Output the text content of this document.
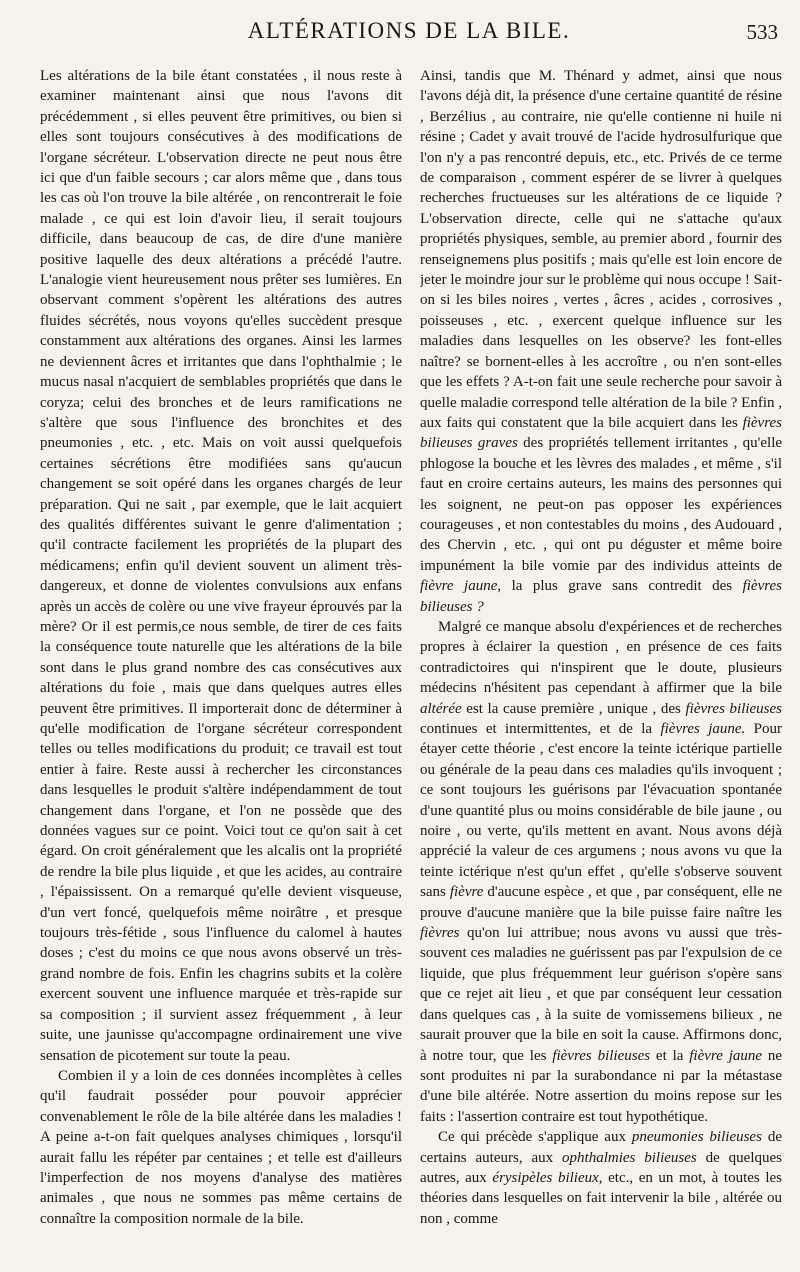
ALTÉRATIONS DE LA BILE.	533

Les altérations de la bile étant constatées , il nous reste à examiner maintenant ainsi que nous l'avons dit précédemment , si elles peuvent être primitives, ou bien si elles sont toujours consécutives à des modifications de l'organe sécréteur. L'observation directe ne peut nous être ici que d'un faible secours ; car alors même que , dans tous les cas où l'on trouve la bile altérée , on rencontrerait le foie malade , ce qui est loin d'avoir lieu, il serait toujours difficile, dans beaucoup de cas, de dire d'une manière positive laquelle des deux altérations a précédé l'autre. L'analogie vient heureusement nous prêter ses lumières. En observant comment s'opèrent les altérations des autres fluides sécrétés, nous voyons qu'elles succèdent presque constamment aux altérations des organes. Ainsi les larmes ne deviennent âcres et irritantes que dans l'ophthalmie ; le mucus nasal n'acquiert de semblables propriétés que dans le coryza; celui des bronches et de leurs ramifications ne s'altère que sous l'influence des bronchites et des pneumonies , etc. , etc. Mais on voit aussi quelquefois certaines sécrétions être modifiées sans qu'aucun changement se soit opéré dans les organes chargés de leur préparation. Qui ne sait , par exemple, que le lait acquiert des qualités différentes suivant le genre d'alimentation ; qu'il contracte facilement les propriétés de la plupart des médicamens; enfin qu'il devient souvent un aliment très-dangereux, et donne de violentes convulsions aux enfans après un accès de colère ou une vive frayeur éprouvés par la mère? Or il est permis,ce nous semble, de tirer de ces faits la conséquence toute naturelle que les altérations de la bile sont dans le plus grand nombre des cas consécutives aux altérations du foie , mais que dans quelques autres elles peuvent être primitives. Il importerait donc de déterminer à qu'elle modification de l'organe sécréteur correspondent telles ou telles modifications du produit; ce travail est tout entier à faire. Reste aussi à rechercher les circonstances dans lesquelles le produit s'altère indépendamment de tout changement dans l'organe, et l'on ne possède que des données vagues sur ce point. Voici tout ce qu'on sait à cet égard. On croit généralement que les alcalis ont la propriété de rendre la bile plus liquide , et que les acides, au contraire , l'épaississent. On a remarqué qu'elle devient visqueuse, d'un vert foncé, quelquefois même noirâtre , et presque toujours très-fétide , sous l'influence du calomel à hautes doses ; c'est du moins ce que nous avons observé un très-grand nombre de fois. Enfin les chagrins subits et la colère exercent souvent une influence marquée et très-rapide sur sa composition ; il survient assez fréquemment , à leur suite, une jaunisse qu'accompagne ordinairement une vive sensation de picotement sur toute la peau.

Combien il y a loin de ces données incomplètes à celles qu'il faudrait posséder pour pouvoir apprécier convenablement le rôle de la bile altérée dans les maladies ! A peine a-t-on fait quelques analyses chimiques , lorsqu'il aurait fallu les répéter par centaines ; et telle est d'ailleurs l'imperfection de nos moyens d'analyse des matières animales , que nous ne sommes pas même certains de connaître la composition normale de la bile.

Ainsi, tandis que M. Thénard y admet, ainsi que nous l'avons déjà dit, la présence d'une certaine quantité de résine , Berzélius , au contraire, nie qu'elle contienne ni huile ni résine ; Cadet y avait trouvé de l'acide hydrosulfurique que l'on n'y a pas rencontré depuis, etc., etc. Privés de ce terme de comparaison , comment espérer de se livrer à quelques recherches fructueuses sur les altérations de ce liquide ? L'observation directe, celle qui ne s'attache qu'aux propriétés physiques, semble, au premier abord , fournir des renseignemens plus positifs ; mais qu'elle est loin encore de jeter le moindre jour sur le problème qui nous occupe ! Sait-on si les biles noires , vertes , âcres , acides , corrosives , poisseuses , etc. , exercent quelque influence sur les maladies dans lesquelles on les observe? les font-elles naître? se bornent-elles à les accroître , ou n'en sont-elles que les effets ? A-t-on fait une seule recherche pour savoir à quelle maladie correspond telle altération de la bile ? Enfin , aux faits qui constatent que la bile acquiert dans les fièvres bilieuses graves des propriétés tellement irritantes , qu'elle phlogose la bouche et les lèvres des malades , et même , s'il faut en croire certains auteurs, les mains des personnes qui les soignent, ne peut-on pas opposer les expériences courageuses , et non contestables du moins , des Audouard , des Chervin , etc. , qui ont pu déguster et même boire impunément la bile vomie par des individus atteints de fièvre jaune, la plus grave sans contredit des fièvres bilieuses ?

Malgré ce manque absolu d'expériences et de recherches propres à éclairer la question , en présence de ces faits contradictoires qui n'inspirent que le doute, plusieurs médecins n'hésitent pas cependant à affirmer que la bile altérée est la cause première , unique , des fièvres bilieuses continues et intermittentes, et de la fièvres jaune. Pour étayer cette théorie , c'est encore la teinte ictérique partielle ou générale de la peau dans ces maladies qu'ils invoquent ; ce sont toujours les guérisons par l'évacuation spontanée d'une quantité plus ou moins considérable de bile jaune , ou noire , ou verte, qu'ils mettent en avant. Nous avons déjà apprécié la valeur de ces argumens ; nous avons vu que la teinte ictérique n'est qu'un effet , qu'elle s'observe souvent sans fièvre d'aucune espèce , et que , par conséquent, elle ne prouve d'aucune manière que la bile puisse faire naître les fièvres qu'on lui attribue; nous avons vu aussi que très-souvent ces maladies ne guérissent pas par l'expulsion de ce liquide, que plus fréquemment leur guérison s'opère sans que ce rejet ait lieu , et que par conséquent leur cessation dans quelques cas , à la suite de vomissemens bilieux , ne saurait prouver que la bile en soit la cause. Affirmons donc, à notre tour, que les fièvres bilieuses et la fièvre jaune ne sont produites ni par la surabondance ni par la métastase d'une bile altérée. Notre assertion du moins repose sur les faits : l'assertion contraire est tout hypothétique.

Ce qui précède s'applique aux pneumonies bilieuses de certains auteurs, aux ophthalmies bilieuses de quelques autres, aux érysipèles bilieux, etc., en un mot, à toutes les théories dans lesquelles on fait intervenir la bile , altérée ou non , comme
